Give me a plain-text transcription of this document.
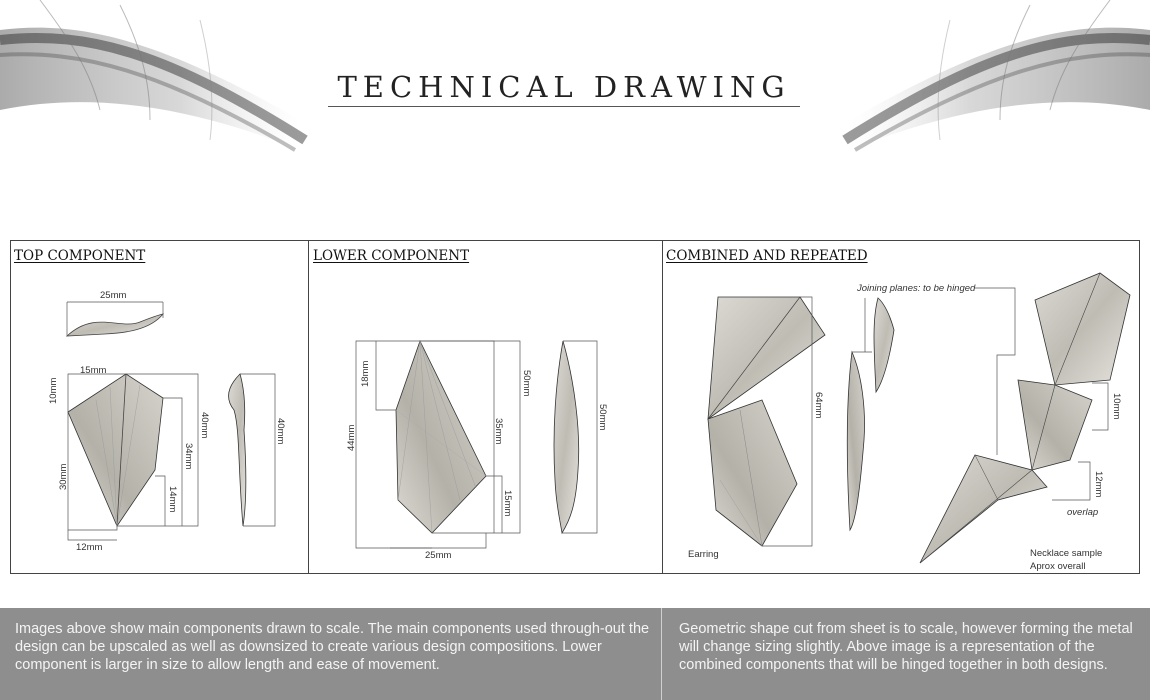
TECHNICAL DRAWING
TOP COMPONENT	LOWER COMPONENT	COMBINED AND REPEATED
25mm
15mm
10mm
40mm
34mm
30mm
14mm
12mm
40mm
18mm
44mm
50mm
35mm
15mm
25mm
50mm	64mm
Earring
Joining planes: to be hinged
10mm
12mm
overlap
Necklace sample
Aprox overall
Images above show main components drawn to scale. The main components used through-out the design can be upscaled as well as downsized to create various design compositions. Lower component is larger in size to allow length and ease of movement.
Geometric shape cut from sheet is to scale, however forming the metal will change sizing slightly. Above image is a representation of the combined components that will be hinged together in both designs.
